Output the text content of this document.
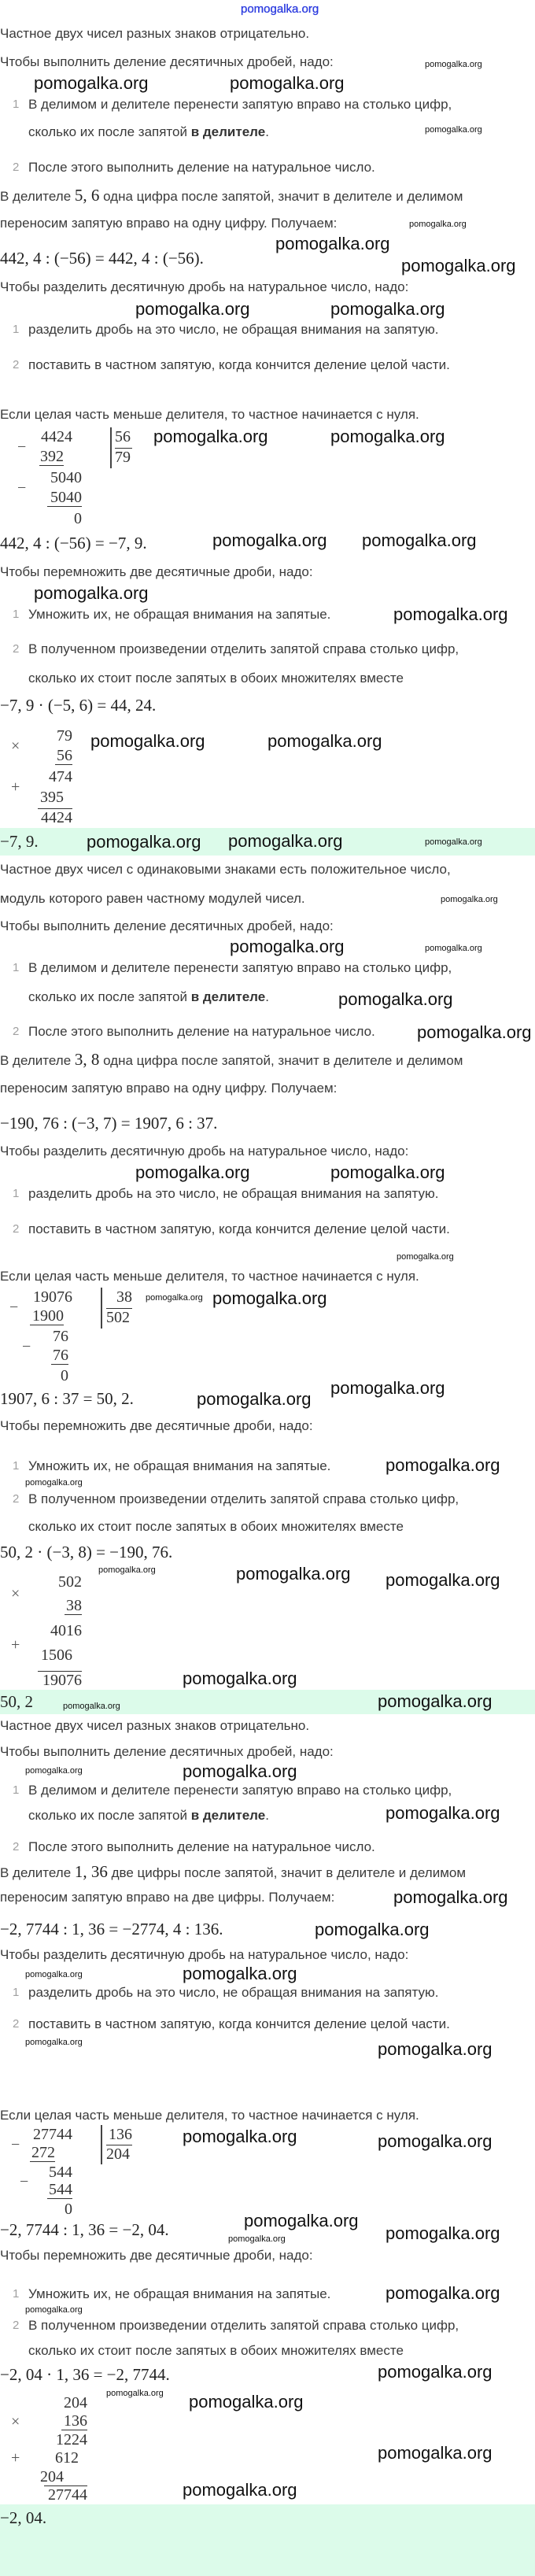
pomogalka.org
Частное двух чисел разных знаков отрицательно.
Чтобы выполнить деление десятичных дробей, надо:
1 В делимом и делителе перенести запятую вправо на столько цифр,
сколько их после запятой в делителе.
2 После этого выполнить деление на натуральное число.
В делителе 5, 6 одна цифра после запятой, значит в делителе и делимом
переносим запятую вправо на одну цифру. Получаем:
442, 4 : (−56) = 442, 4 : (−56).
Чтобы разделить десятичную дробь на натуральное число, надо:
1 разделить дробь на это число, не обращая внимания на запятую.
2 поставить в частном запятую, когда кончится деление целой части.
Если целая часть меньше делителя, то частное начинается с нуля.
−
−
4424
392
5040
5040
0
56
79
442, 4 : (−56) = −7, 9.
Чтобы перемножить две десятичные дроби, надо:
1 Умножить их, не обращая внимания на запятые.
2 В полученном произведении отделить запятой справа столько цифр,
сколько их стоит после запятых в обоих множителях вместе
−7, 9 · (−5, 6) = 44, 24.
×
+
79
56
474
395
4424
−7, 9.
Частное двух чисел с одинаковыми знаками есть положительное число,
модуль которого равен частному модулей чисел.
Чтобы выполнить деление десятичных дробей, надо:
1 В делимом и делителе перенести запятую вправо на столько цифр,
сколько их после запятой в делителе.
2 После этого выполнить деление на натуральное число.
В делителе 3, 8 одна цифра после запятой, значит в делителе и делимом
переносим запятую вправо на одну цифру. Получаем:
−190, 76 : (−3, 7) = 1907, 6 : 37.
Чтобы разделить десятичную дробь на натуральное число, надо:
1 разделить дробь на это число, не обращая внимания на запятую.
2 поставить в частном запятую, когда кончится деление целой части.
Если целая часть меньше делителя, то частное начинается с нуля.
−
−
19076
1900
76
76
0
38
502
1907, 6 : 37 = 50, 2.
Чтобы перемножить две десятичные дроби, надо:
1 Умножить их, не обращая внимания на запятые.
2 В полученном произведении отделить запятой справа столько цифр,
сколько их стоит после запятых в обоих множителях вместе
50, 2 · (−3, 8) = −190, 76.
×
+
502
38
4016
1506
19076
50, 2
Частное двух чисел разных знаков отрицательно.
Чтобы выполнить деление десятичных дробей, надо:
1 В делимом и делителе перенести запятую вправо на столько цифр,
сколько их после запятой в делителе.
2 После этого выполнить деление на натуральное число.
В делителе 1, 36 две цифры после запятой, значит в делителе и делимом
переносим запятую вправо на две цифры. Получаем:
−2, 7744 : 1, 36 = −2774, 4 : 136.
Чтобы разделить десятичную дробь на натуральное число, надо:
1 разделить дробь на это число, не обращая внимания на запятую.
2 поставить в частном запятую, когда кончится деление целой части.
Если целая часть меньше делителя, то частное начинается с нуля.
−
−
27744
272
544
544
0
136
204
−2, 7744 : 1, 36 = −2, 04.
Чтобы перемножить две десятичные дроби, надо:
1 Умножить их, не обращая внимания на запятые.
2 В полученном произведении отделить запятой справа столько цифр,
сколько их стоит после запятых в обоих множителях вместе
−2, 04 · 1, 36 = −2, 7744.
×
+
204
136
1224
612
204
27744
−2, 04.
pomogalka.org
pomogalka.org	pomogalka.org
pomogalka.org
pomogalka.org
pomogalka.org
pomogalka.org
pomogalka.org	pomogalka.org
pomogalka.org	pomogalka.org
pomogalka.org pomogalka.org
pomogalka.org
pomogalka.org
pomogalka.org	pomogalka.org
pomogalka.org	pomogalka.org
pomogalka.org
pomogalka.org
pomogalka.org	pomogalka.org
pomogalka.org
pomogalka.org
pomogalka.org
pomogalka.org
pomogalka.org
pomogalka.org pomogalka.org
pomogalka.org
pomogalka.org
pomogalka.org
pomogalka.org
pomogalka.org	pomogalka.org pomogalka.org
pomogalka.org
pomogalka.org
pomogalka.org
pomogalka.org	pomogalka.org
pomogalka.org
pomogalka.org
pomogalka.org
pomogalka.org	pomogalka.org
pomogalka.org
pomogalka.org
pomogalka.org	pomogalka.org
pomogalka.org
pomogalka.org
pomogalka.org
pomogalka.org
pomogalka.org
pomogalka.org
pomogalka.org pomogalka.org
pomogalka.org
pomogalka.org
